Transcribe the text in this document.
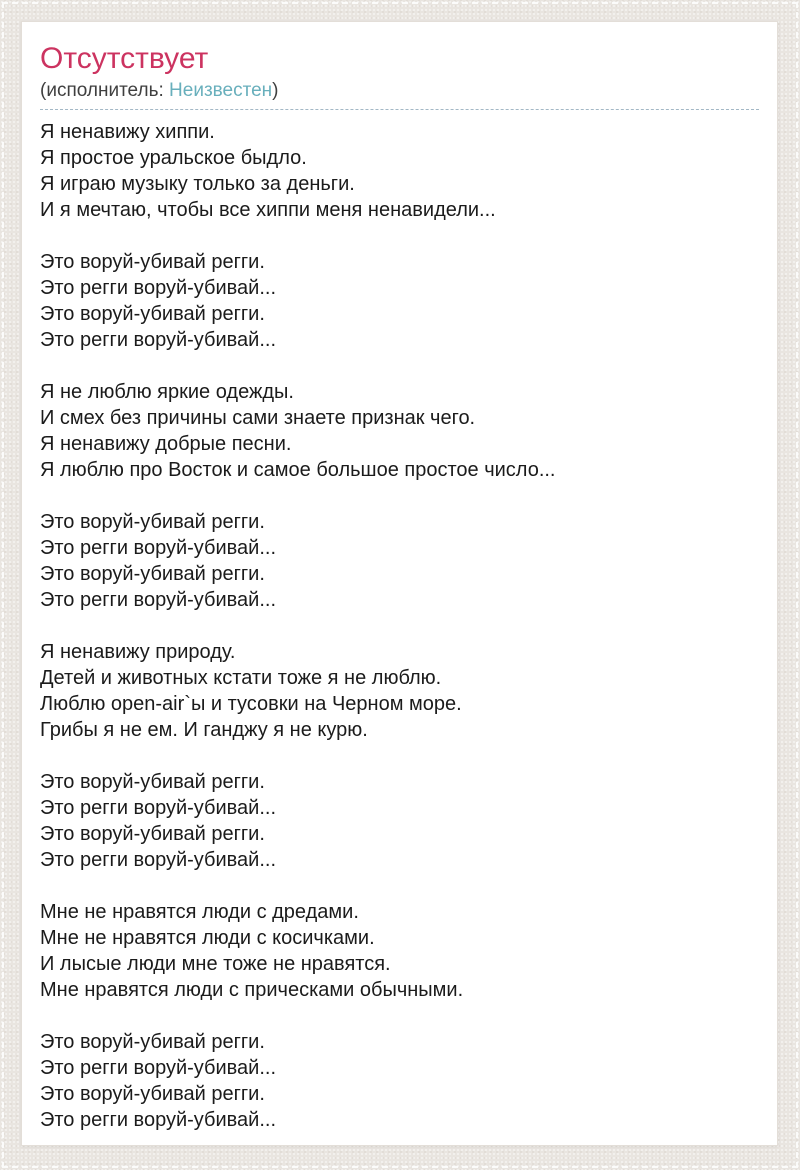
Отсутствует
(исполнитель: Неизвестен)
Я ненавижу хиппи.
Я простое уральское быдло.
Я играю музыку только за деньги.
И я мечтаю, чтобы все хиппи меня ненавидели...
Это воруй-убивай регги.
Это регги воруй-убивай...
Это воруй-убивай регги.
Это регги воруй-убивай...
Я не люблю яркие одежды.
И смех без причины сами знаете признак чего.
Я ненавижу добрые песни.
Я люблю про Восток и самое большое простое число...
Это воруй-убивай регги.
Это регги воруй-убивай...
Это воруй-убивай регги.
Это регги воруй-убивай...
Я ненавижу природу.
Детей и животных кстати тоже я не люблю.
Люблю open-air`ы и тусовки на Черном море.
Грибы я не ем. И ганджу я не курю.
Это воруй-убивай регги.
Это регги воруй-убивай...
Это воруй-убивай регги.
Это регги воруй-убивай...
Мне не нравятся люди с дредами.
Мне не нравятся люди с косичками.
И лысые люди мне тоже не нравятся.
Мне нравятся люди с прическами обычными.
Это воруй-убивай регги.
Это регги воруй-убивай...
Это воруй-убивай регги.
Это регги воруй-убивай...
